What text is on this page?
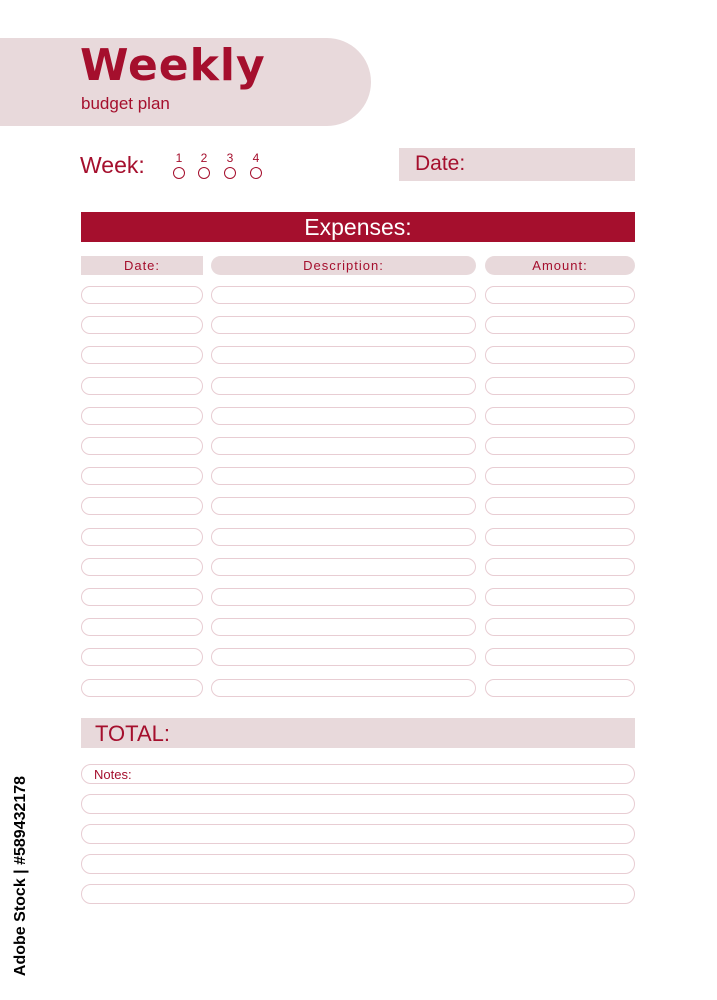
Weekly
budget plan
Week:	1	2	3	4	Date:
Expenses:
Date:	Description:	Amount:
TOTAL:
Notes:
Adobe Stock | #589432178
